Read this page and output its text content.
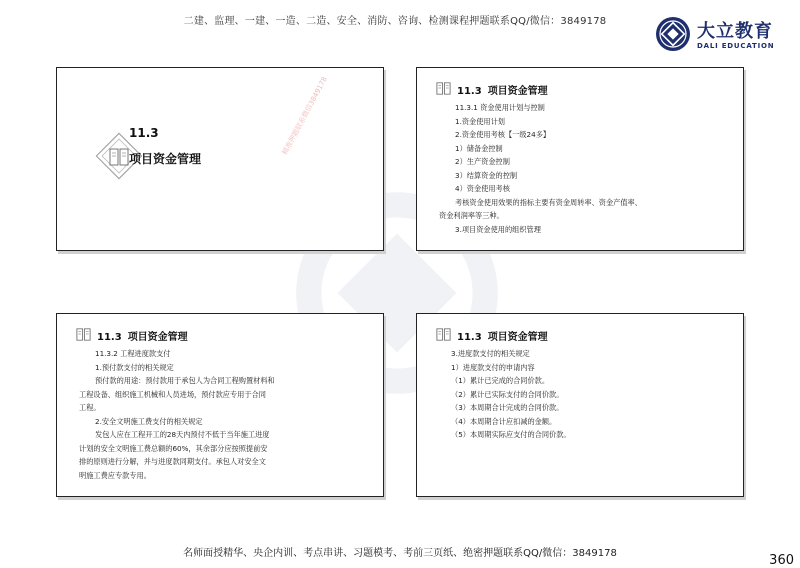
二建、监理、一建、一造、二造、安全、消防、咨询、检测课程押题联系QQ/微信：3849178	大立教育
DALI EDUCATION
11.3
项目资金管理
11.3 项目资金管理
11.3.1 资金使用计划与控制
1.资金使用计划
2.资金使用考核【一级24多】
1）储备金控制
2）生产资金控制
3）结算资金的控制
4）资金使用考核
考核资金使用效果的指标主要有资金周转率、资金产值率、
资金利润率等三种。
3.项目资金使用的组织管理
11.3 项目资金管理
11.3.2 工程进度款支付
1.预付款支付的相关规定
预付款的用途：预付款用于承包人为合同工程购置材料和
工程设备、组织施工机械和人员进场，预付款应专用于合同
工程。
2.安全文明施工费支付的相关规定
发包人应在工程开工的28天内预付不低于当年施工进度
计划的安全文明施工费总额的60%，其余部分应按照提前安
排的原则进行分解，并与进度款同期支付。承包人对安全文
明施工费应专款专用。
11.3 项目资金管理
3.进度款支付的相关规定
1）进度款支付的申请内容
（1）累计已完成的合同价款。
（2）累计已实际支付的合同价款。
（3）本周期合计完成的合同价款。
（4）本周期合计应扣减的金额。
（5）本周期实际应支付的合同价款。
精准押题联系微信3849178
名师面授精华、央企内训、考点串讲、习题模考、考前三页纸、绝密押题联系QQ/微信：3849178	360
